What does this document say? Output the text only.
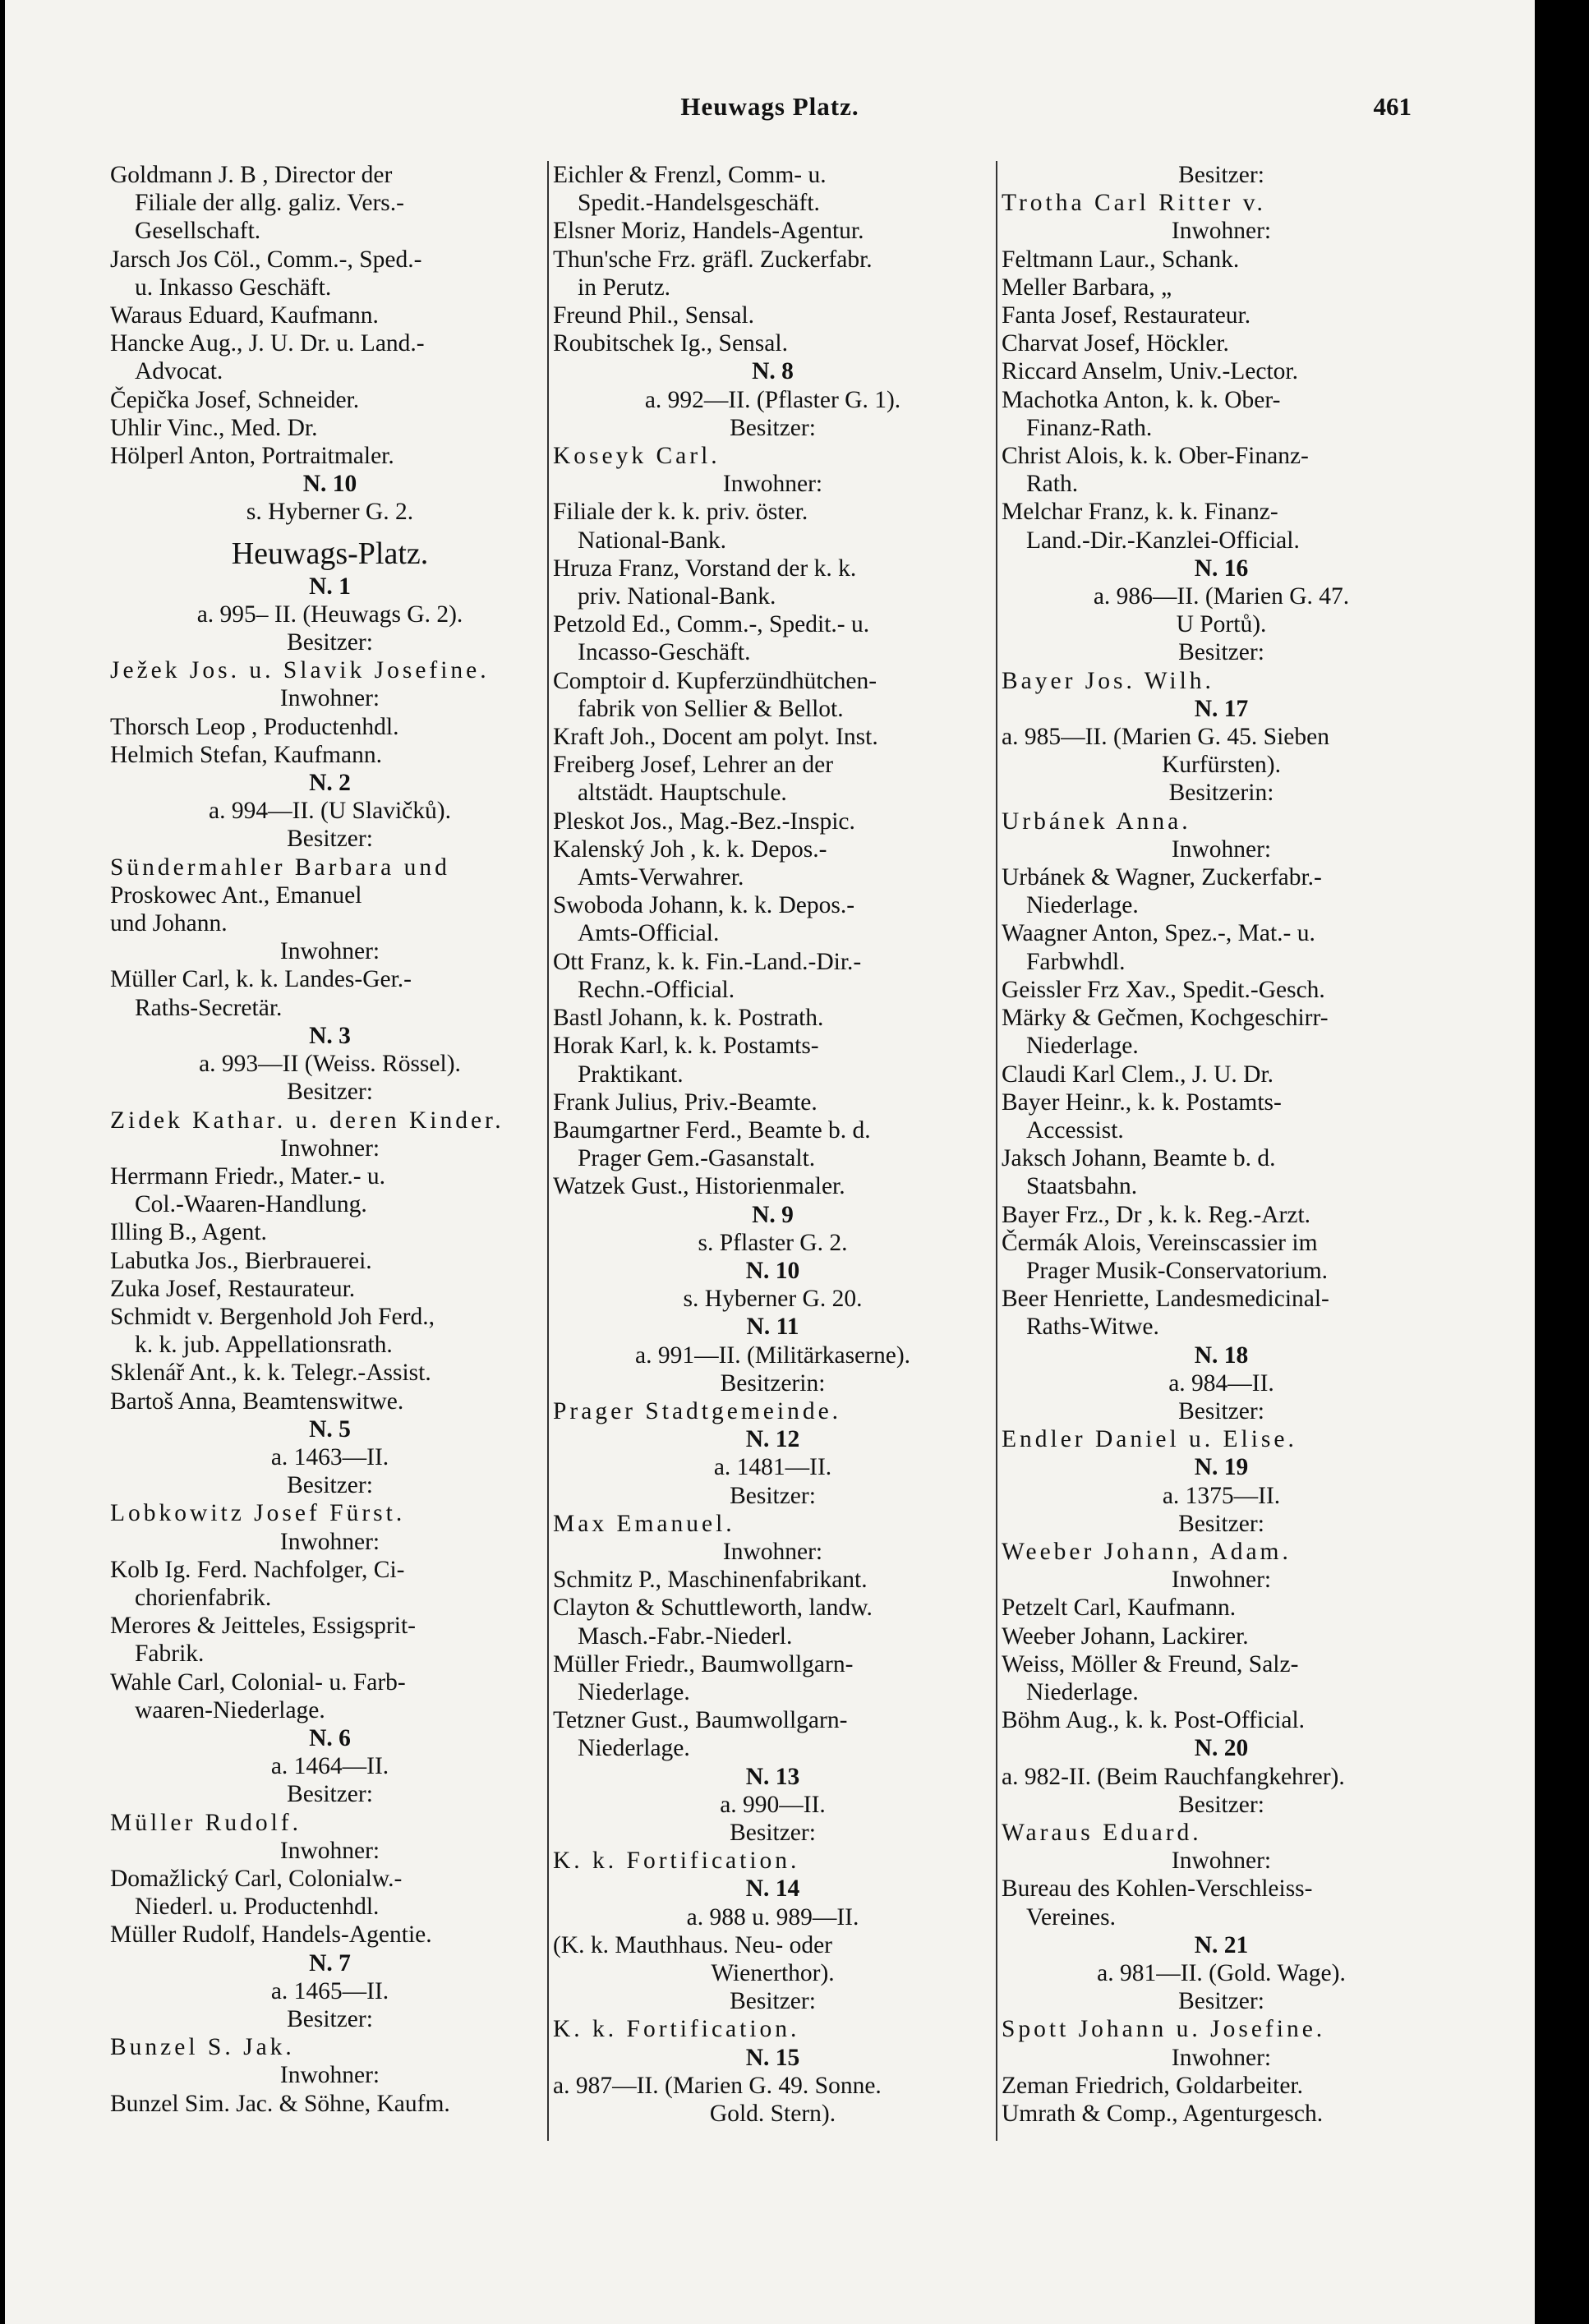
Heuwags Platz.	461
Goldmann J. B , Director der
Filiale der allg. galiz. Vers.-
Gesellschaft.
Jarsch Jos Cöl., Comm.-, Sped.-
u. Inkasso Geschäft.
Waraus Eduard, Kaufmann.
Hancke Aug., J. U. Dr. u. Land.-
Advocat.
Čepička Josef, Schneider.
Uhlir Vinc., Med. Dr.
Hölperl Anton, Portraitmaler.
N. 10
s. Hyberner G. 2.
Heuwags-Platz.
N. 1
a. 995– II. (Heuwags G. 2).
Besitzer:
Ježek Jos. u. Slavik Josefine.
Inwohner:
Thorsch Leop , Productenhdl.
Helmich Stefan, Kaufmann.
N. 2
a. 994—II. (U Slavičků).
Besitzer:
Sündermahler Barbara und
Proskowec Ant., Emanuel
und Johann.
Inwohner:
Müller Carl, k. k. Landes-Ger.-
Raths-Secretär.
N. 3
a. 993—II (Weiss. Rössel).
Besitzer:
Zidek Kathar. u. deren Kinder.
Inwohner:
Herrmann Friedr., Mater.- u.
Col.-Waaren-Handlung.
Illing B., Agent.
Labutka Jos., Bierbrauerei.
Zuka Josef, Restaurateur.
Schmidt v. Bergenhold Joh Ferd.,
k. k. jub. Appellationsrath.
Sklenář Ant., k. k. Telegr.-Assist.
Bartoš Anna, Beamtenswitwe.
N. 5
a. 1463—II.
Besitzer:
Lobkowitz Josef Fürst.
Inwohner:
Kolb Ig. Ferd. Nachfolger, Ci-
chorienfabrik.
Merores & Jeitteles, Essigsprit-
Fabrik.
Wahle Carl, Colonial- u. Farb-
waaren-Niederlage.
N. 6
a. 1464—II.
Besitzer:
Müller Rudolf.
Inwohner:
Domažlický Carl, Colonialw.-
Niederl. u. Productenhdl.
Müller Rudolf, Handels-Agentie.
N. 7
a. 1465—II.
Besitzer:
Bunzel S. Jak.
Inwohner:
Bunzel Sim. Jac. & Söhne, Kaufm.
Eichler & Frenzl, Comm- u.
Spedit.-Handelsgeschäft.
Elsner Moriz, Handels-Agentur.
Thun'sche Frz. gräfl. Zuckerfabr.
in Perutz.
Freund Phil., Sensal.
Roubitschek Ig., Sensal.
N. 8
a. 992—II. (Pflaster G. 1).
Besitzer:
Koseyk Carl.
Inwohner:
Filiale der k. k. priv. öster.
National-Bank.
Hruza Franz, Vorstand der k. k.
priv. National-Bank.
Petzold Ed., Comm.-, Spedit.- u.
Incasso-Geschäft.
Comptoir d. Kupferzündhütchen-
fabrik von Sellier & Bellot.
Kraft Joh., Docent am polyt. Inst.
Freiberg Josef, Lehrer an der
altstädt. Hauptschule.
Pleskot Jos., Mag.-Bez.-Inspic.
Kalenský Joh , k. k. Depos.-
Amts-Verwahrer.
Swoboda Johann, k. k. Depos.-
Amts-Official.
Ott Franz, k. k. Fin.-Land.-Dir.-
Rechn.-Official.
Bastl Johann, k. k. Postrath.
Horak Karl, k. k. Postamts-
Praktikant.
Frank Julius, Priv.-Beamte.
Baumgartner Ferd., Beamte b. d.
Prager Gem.-Gasanstalt.
Watzek Gust., Historienmaler.
N. 9
s. Pflaster G. 2.
N. 10
s. Hyberner G. 20.
N. 11
a. 991—II. (Militärkaserne).
Besitzerin:
Prager Stadtgemeinde.
N. 12
a. 1481—II.
Besitzer:
Max Emanuel.
Inwohner:
Schmitz P., Maschinenfabrikant.
Clayton & Schuttleworth, landw.
Masch.-Fabr.-Niederl.
Müller Friedr., Baumwollgarn-
Niederlage.
Tetzner Gust., Baumwollgarn-
Niederlage.
N. 13
a. 990—II.
Besitzer:
K. k. Fortification.
N. 14
a. 988 u. 989—II.
(K. k. Mauthhaus. Neu- oder
Wienerthor).
Besitzer:
K. k. Fortification.
N. 15
a. 987—II. (Marien G. 49. Sonne.
Gold. Stern).
Besitzer:
Trotha Carl Ritter v.
Inwohner:
Feltmann Laur., Schank.
Meller Barbara, „
Fanta Josef, Restaurateur.
Charvat Josef, Höckler.
Riccard Anselm, Univ.-Lector.
Machotka Anton, k. k. Ober-
Finanz-Rath.
Christ Alois, k. k. Ober-Finanz-
Rath.
Melchar Franz, k. k. Finanz-
Land.-Dir.-Kanzlei-Official.
N. 16
a. 986—II. (Marien G. 47.
U Portů).
Besitzer:
Bayer Jos. Wilh.
N. 17
a. 985—II. (Marien G. 45. Sieben
Kurfürsten).
Besitzerin:
Urbánek Anna.
Inwohner:
Urbánek & Wagner, Zuckerfabr.-
Niederlage.
Waagner Anton, Spez.-, Mat.- u.
Farbwhdl.
Geissler Frz Xav., Spedit.-Gesch.
Märky & Gečmen, Kochgeschirr-
Niederlage.
Claudi Karl Clem., J. U. Dr.
Bayer Heinr., k. k. Postamts-
Accessist.
Jaksch Johann, Beamte b. d.
Staatsbahn.
Bayer Frz., Dr , k. k. Reg.-Arzt.
Čermák Alois, Vereinscassier im
Prager Musik-Conservatorium.
Beer Henriette, Landesmedicinal-
Raths-Witwe.
N. 18
a. 984—II.
Besitzer:
Endler Daniel u. Elise.
N. 19
a. 1375—II.
Besitzer:
Weeber Johann, Adam.
Inwohner:
Petzelt Carl, Kaufmann.
Weeber Johann, Lackirer.
Weiss, Möller & Freund, Salz-
Niederlage.
Böhm Aug., k. k. Post-Official.
N. 20
a. 982-II. (Beim Rauchfangkehrer).
Besitzer:
Waraus Eduard.
Inwohner:
Bureau des Kohlen-Verschleiss-
Vereines.
N. 21
a. 981—II. (Gold. Wage).
Besitzer:
Spott Johann u. Josefine.
Inwohner:
Zeman Friedrich, Goldarbeiter.
Umrath & Comp., Agenturgesch.
